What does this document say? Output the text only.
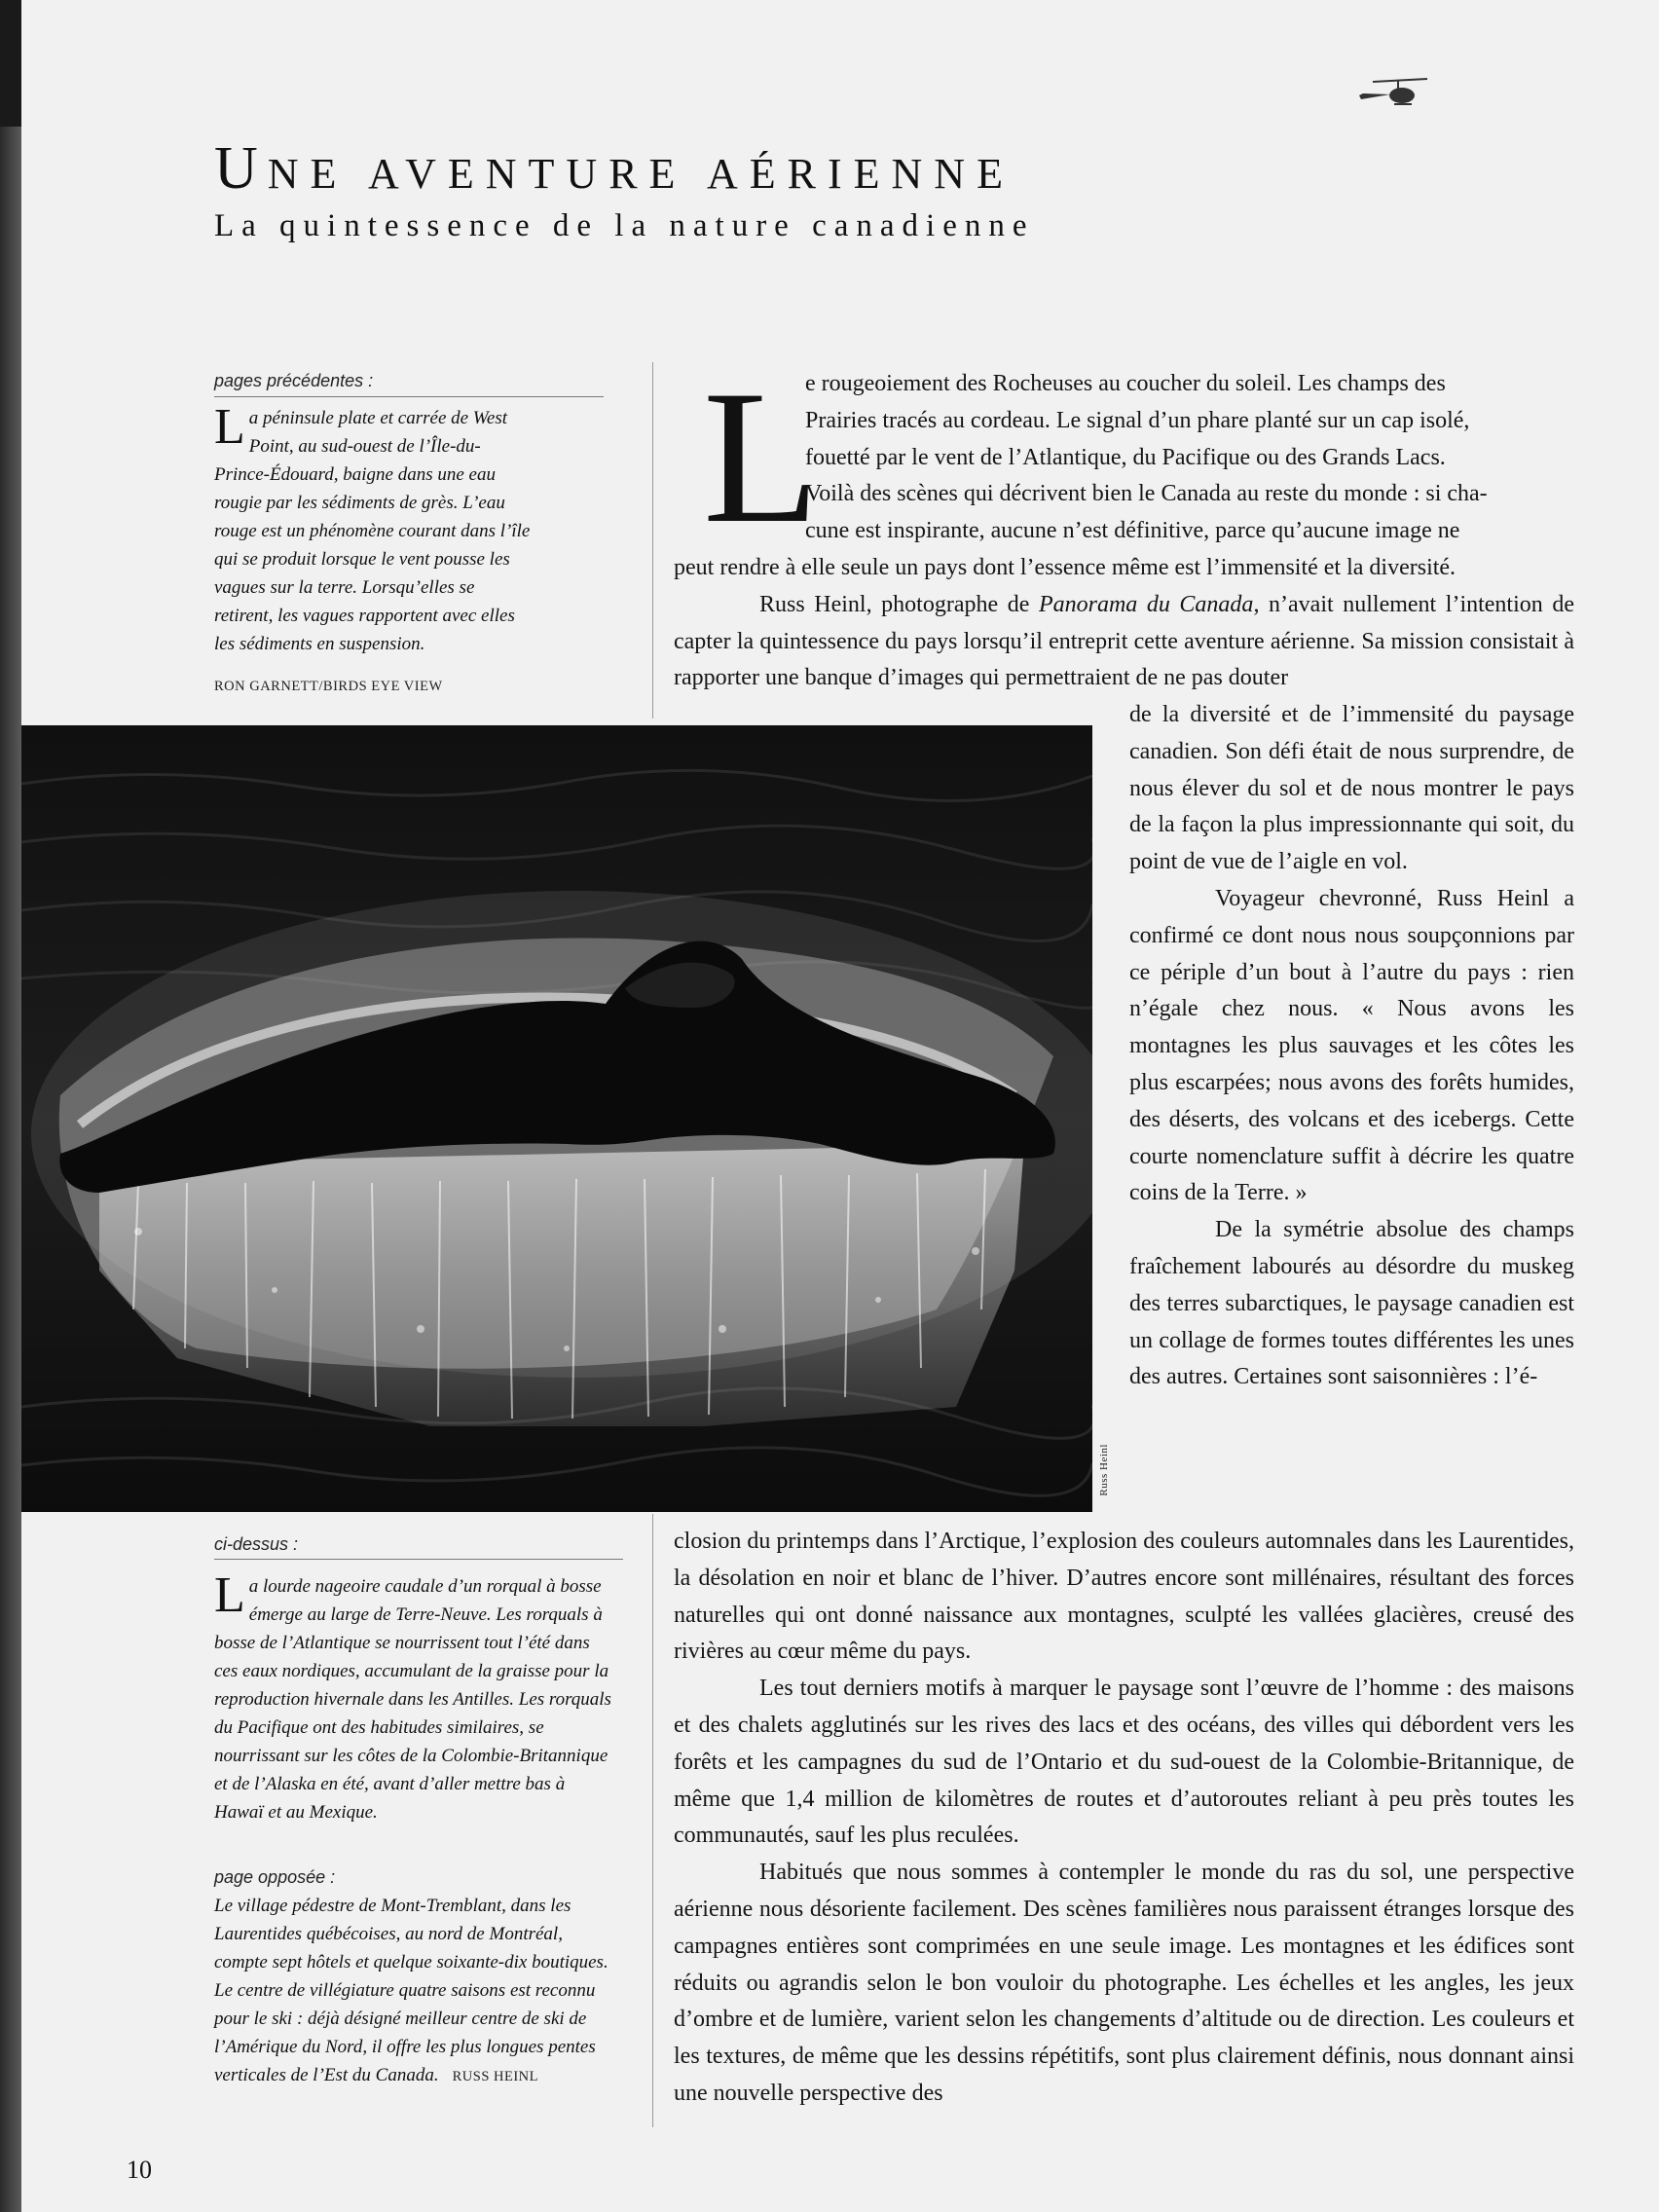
UNE AVENTURE AÉRIENNE
La quintessence de la nature canadienne
pages précédentes :
La péninsule plate et carrée de West Point, au sud-ouest de l’Île-du-Prince-Édouard, baigne dans une eau rougie par les sédiments de grès. L’eau rouge est un phénomène courant dans l’île qui se produit lorsque le vent pousse les vagues sur la terre. Lorsqu’elles se retirent, les vagues rapportent avec elles les sédiments en suspension.
RON GARNETT/BIRDS EYE VIEW
Russ Heinl
ci-dessus :
La lourde nageoire caudale d’un rorqual à bosse émerge au large de Terre-Neuve. Les rorquals à bosse de l’Atlantique se nourrissent tout l’été dans ces eaux nordiques, accumulant de la graisse pour la reproduction hivernale dans les Antilles. Les rorquals du Pacifique ont des habitudes similaires, se nourrissant sur les côtes de la Colombie-Britannique et de l’Alaska en été, avant d’aller mettre bas à Hawaï et au Mexique.
page opposée :
Le village pédestre de Mont-Tremblant, dans les Laurentides québécoises, au nord de Montréal, compte sept hôtels et quelque soixante-dix boutiques. Le centre de villégiature quatre saisons est reconnu pour le ski : déjà désigné meilleur centre de ski de l’Amérique du Nord, il offre les plus longues pentes verticales de l’Est du Canada. RUSS HEINL
L
e rougeoiement des Rocheuses au coucher du soleil. Les champs des
Prairies tracés au cordeau. Le signal d’un phare planté sur un cap isolé,
fouetté par le vent de l’Atlantique, du Pacifique ou des Grands Lacs.
Voilà des scènes qui décrivent bien le Canada au reste du monde : si cha-
cune est inspirante, aucune n’est définitive, parce qu’aucune image ne

peut rendre à elle seule un pays dont l’essence même est l’immensité et la diversité.

Russ Heinl, photographe de Panorama du Canada, n’avait nullement l’intention de capter la quintessence du pays lorsqu’il entreprit cette aventure aérienne. Sa mission consistait à rapporter une banque d’images qui permettraient de ne pas douter

de la diversité et de l’immensité du paysage canadien. Son défi était de nous surprendre, de nous élever du sol et de nous montrer le pays de la façon la plus impressionnante qui soit, du point de vue de l’aigle en vol.

Voyageur chevronné, Russ Heinl a confirmé ce dont nous nous soupçonnions par ce périple d’un bout à l’autre du pays : rien n’égale chez nous. « Nous avons les montagnes les plus sauvages et les côtes les plus escarpées; nous avons des forêts humides, des déserts, des volcans et des icebergs. Cette courte nomenclature suffit à décrire les quatre coins de la Terre. »

De la symétrie absolue des champs fraîchement labourés au désordre du muskeg des terres subarctiques, le paysage canadien est un collage de formes toutes différentes les unes des autres. Certaines sont saisonnières : l’é-

closion du printemps dans l’Arctique, l’explosion des couleurs automnales dans les Laurentides, la désolation en noir et blanc de l’hiver. D’autres encore sont millénaires, résultant des forces naturelles qui ont donné naissance aux montagnes, sculpté les vallées glacières, creusé des rivières au cœur même du pays.

Les tout derniers motifs à marquer le paysage sont l’œuvre de l’homme : des maisons et des chalets agglutinés sur les rives des lacs et des océans, des villes qui débordent vers les forêts et les campagnes du sud de l’Ontario et du sud-ouest de la Colombie-Britannique, de même que 1,4 million de kilomètres de routes et d’autoroutes reliant à peu près toutes les communautés, sauf les plus reculées.

Habitués que nous sommes à contempler le monde du ras du sol, une perspective aérienne nous désoriente facilement. Des scènes familières nous paraissent étranges lorsque des campagnes entières sont comprimées en une seule image. Les montagnes et les édifices sont réduits ou agrandis selon le bon vouloir du photographe. Les échelles et les angles, les jeux d’ombre et de lumière, varient selon les changements d’altitude ou de direction. Les couleurs et les textures, de même que les dessins répétitifs, sont plus clairement définis, nous donnant ainsi une nouvelle perspective des

10
